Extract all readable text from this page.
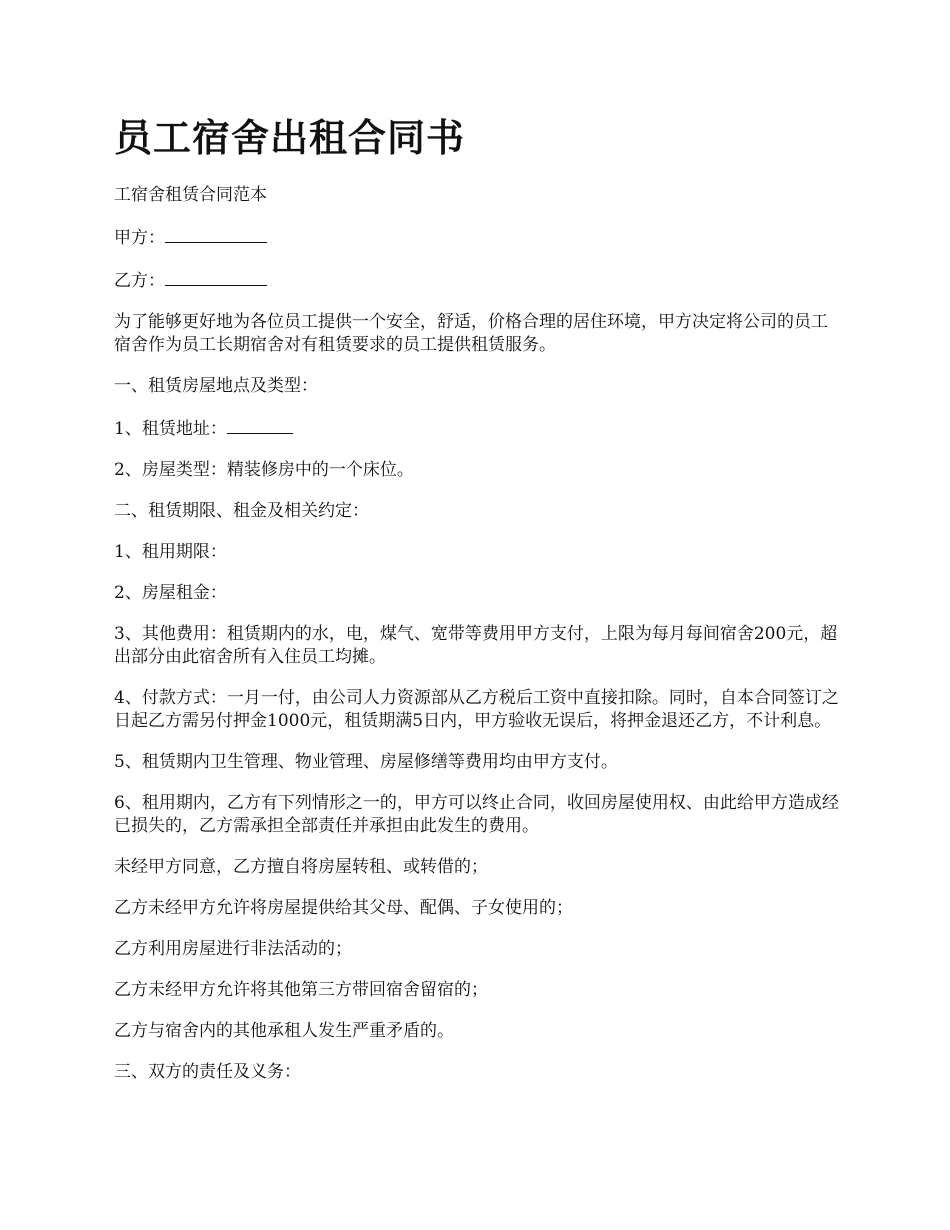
员工宿舍出租合同书

工宿舍租赁合同范本

甲方：

乙方：

为了能够更好地为各位员工提供一个安全，舒适，价格合理的居住环境，甲方决定将公司的员工宿舍作为员工长期宿舍对有租赁要求的员工提供租赁服务。

一、租赁房屋地点及类型：

1、租赁地址：

2、房屋类型：精装修房中的一个床位。

二、租赁期限、租金及相关约定：

1、租用期限：

2、房屋租金：

3、其他费用：租赁期内的水，电，煤气、宽带等费用甲方支付，上限为每月每间宿舍200元，超出部分由此宿舍所有入住员工均摊。

4、付款方式：一月一付，由公司人力资源部从乙方税后工资中直接扣除。同时，自本合同签订之日起乙方需另付押金1000元，租赁期满5日内，甲方验收无误后，将押金退还乙方，不计利息。

5、租赁期内卫生管理、物业管理、房屋修缮等费用均由甲方支付。

6、租用期内，乙方有下列情形之一的，甲方可以终止合同，收回房屋使用权、由此给甲方造成经已损失的，乙方需承担全部责任并承担由此发生的费用。

未经甲方同意，乙方擅自将房屋转租、或转借的；

乙方未经甲方允许将房屋提供给其父母、配偶、子女使用的；

乙方利用房屋进行非法活动的；

乙方未经甲方允许将其他第三方带回宿舍留宿的；

乙方与宿舍内的其他承租人发生严重矛盾的。

三、双方的责任及义务：
